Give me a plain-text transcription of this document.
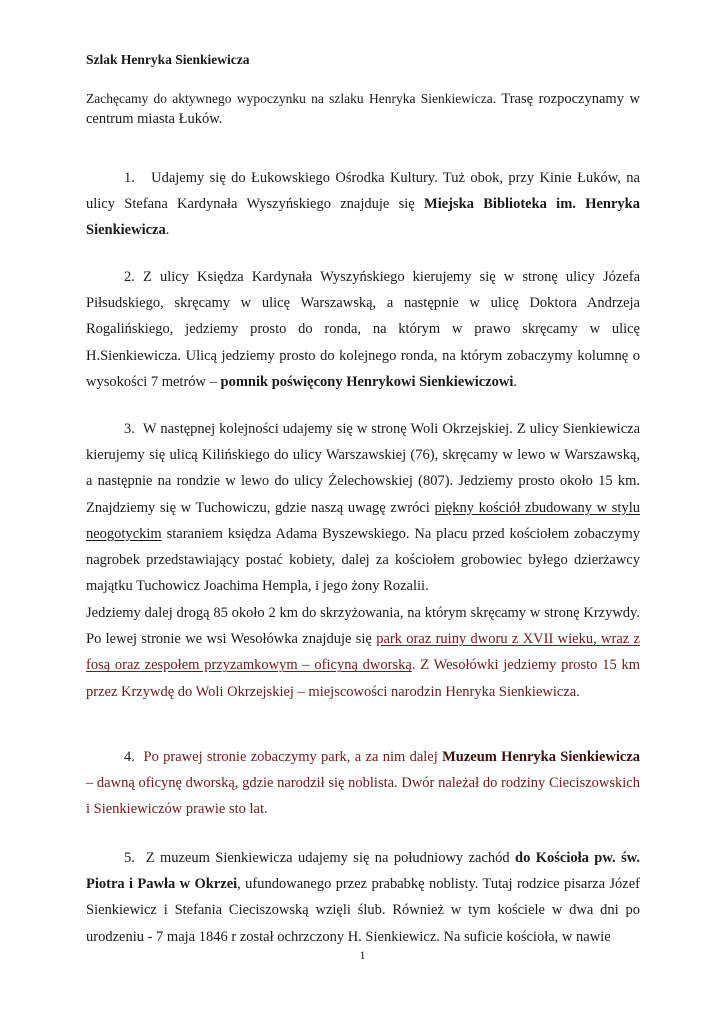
Szlak Henryka Sienkiewicza
Zachęcamy do aktywnego wypoczynku na szlaku Henryka Sienkiewicza. Trasę rozpoczynamy w centrum miasta Łuków.
1. Udajemy się do Łukowskiego Ośrodka Kultury. Tuż obok, przy Kinie Łuków, na ulicy Stefana Kardynała Wyszyńskiego znajduje się Miejska Biblioteka im. Henryka Sienkiewicza.
2. Z ulicy Księdza Kardynała Wyszyńskiego kierujemy się w stronę ulicy Józefa Piłsudskiego, skręcamy w ulicę Warszawską, a następnie w ulicę Doktora Andrzeja Rogalińskiego, jedziemy prosto do ronda, na którym w prawo skręcamy w ulicę H.Sienkiewicza. Ulicą jedziemy prosto do kolejnego ronda, na którym zobaczymy kolumnę o wysokości 7 metrów – pomnik poświęcony Henrykowi Sienkiewiczowi.
3. W następnej kolejności udajemy się w stronę Woli Okrzejskiej. Z ulicy Sienkiewicza kierujemy się ulicą Kilińskiego do ulicy Warszawskiej (76), skręcamy w lewo w Warszawską, a następnie na rondzie w lewo do ulicy Żelechowskiej (807). Jedziemy prosto około 15 km. Znajdziemy się w Tuchowiczu, gdzie naszą uwagę zwróci piękny kościół zbudowany w stylu neogotyckim staraniem księdza Adama Byszewskiego. Na placu przed kościołem zobaczymy nagrobek przedstawiający postać kobiety, dalej za kościołem grobowiec byłego dzierżawcy majątku Tuchowicz Joachima Hempla, i jego żony Rozalii.
Jedziemy dalej drogą 85 około 2 km do skrzyżowania, na którym skręcamy w stronę Krzywdy. Po lewej stronie we wsi Wesołówka znajduje się park oraz ruiny dworu z XVII wieku, wraz z fosą oraz zespołem przyzamkowym – oficyną dworską. Z Wesołówki jedziemy prosto 15 km przez Krzywdę do Woli Okrzejskiej – miejscowości narodzin Henryka Sienkiewicza.
4. Po prawej stronie zobaczymy park, a za nim dalej Muzeum Henryka Sienkiewicza – dawną oficynę dworską, gdzie narodził się noblista. Dwór należał do rodziny Cieciszowskich i Sienkiewiczów prawie sto lat.
5. Z muzeum Sienkiewicza udajemy się na południowy zachód do Kościoła pw. św. Piotra i Pawła w Okrzei, ufundowanego przez prababkę noblisty. Tutaj rodzice pisarza Józef Sienkiewicz i Stefania Cieciszowską wzięli ślub. Również w tym kościele w dwa dni po urodzeniu - 7 maja 1846 r został ochrzczony H. Sienkiewicz. Na suficie kościoła, w nawie
1
